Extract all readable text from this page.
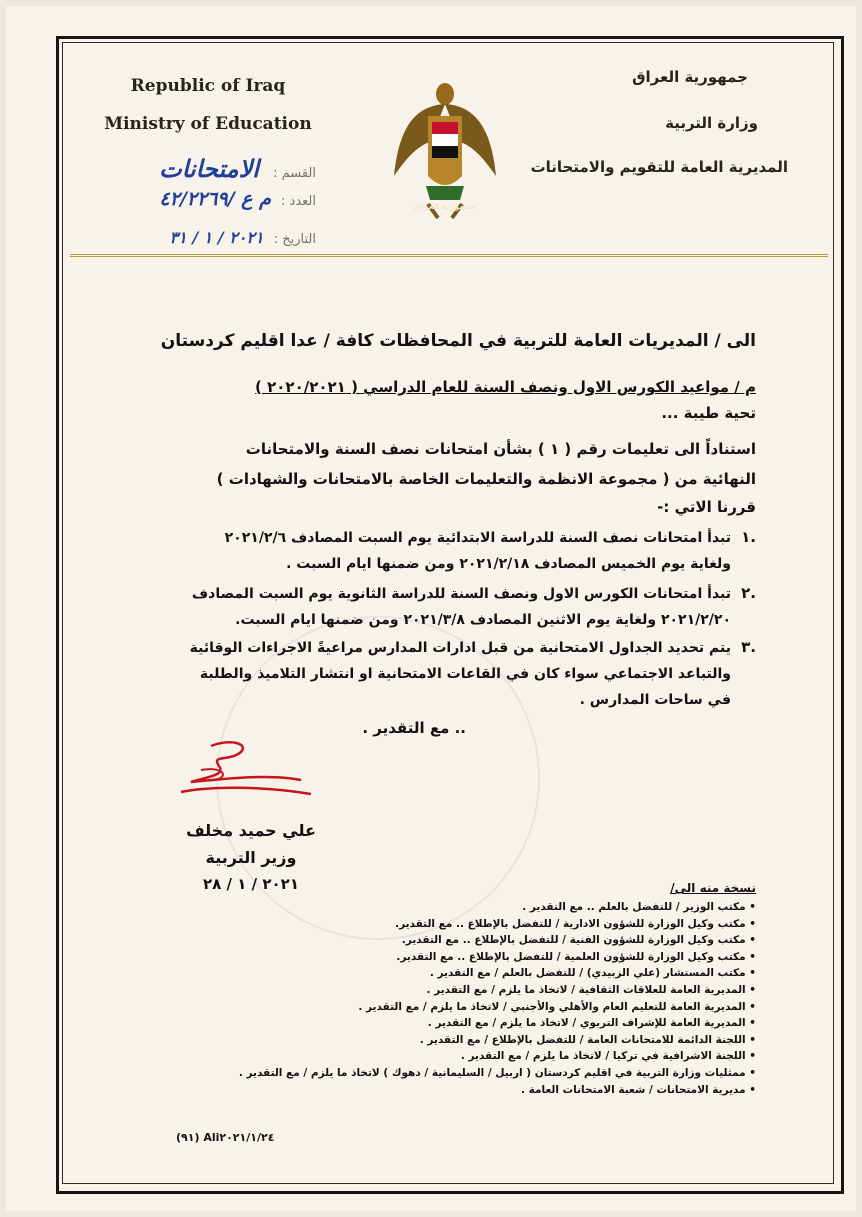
Republic of Iraq
Ministry of Education
جمهورية العراق
وزارة التربية
المديرية العامة للتقويم والامتحانات
جمهورية العراق
القسم : الامتحانات
العدد : م ع /٤٢/٢٢٦٩
التاريخ : ٢٠٢١ / ١ / ٣١
الى / المديريات العامة للتربية في المحافظات كافة / عدا اقليم كردستان
م / مواعيد الكورس الاول ونصف السنة للعام الدراسي ( ٢٠٢٠/٢٠٢١ )
تحية طيبة ...
استناداً الى تعليمات رقم ( ١ ) بشأن امتحانات نصف السنة والامتحانات
النهائية من ( مجموعة الانظمة والتعليمات الخاصة بالامتحانات والشهادات )
قررنا الاتي :-
١.
تبدأ امتحانات نصف السنة للدراسة الابتدائية يوم السبت المصادف ٢٠٢١/٢/٦
ولغاية يوم الخميس المصادف ٢٠٢١/٢/١٨ ومن ضمنها ايام السبت .
٢.
تبدأ امتحانات الكورس الاول ونصف السنة للدراسة الثانوية يوم السبت المصادف
٢٠٢١/٢/٢٠ ولغاية يوم الاثنين المصادف ٢٠٢١/٣/٨ ومن ضمنها ايام السبت.
٣.
يتم تحديد الجداول الامتحانية من قبل ادارات المدارس مراعيةً الاجراءات الوقائية
والتباعد الاجتماعي سواء كان في القاعات الامتحانية او انتشار التلاميذ والطلبة
في ساحات المدارس .
.. مع التقدير .
علي حميد مخلف
وزير التربية
٢٠٢١ / ١ / ٢٨	نسخة منه الى/
• مكتب الوزير / للتفضل بالعلم .. مع التقدير .
• مكتب وكيل الوزارة للشؤون الادارية / للتفضل بالإطلاع .. مع التقدير.
• مكتب وكيل الوزارة للشؤون الفنية / للتفضل بالإطلاع .. مع التقدير.
• مكتب وكيل الوزارة للشؤون العلمية / للتفضل بالإطلاع .. مع التقدير.
• مكتب المستشار (علي الزبيدي) / للتفضل بالعلم / مع التقدير .
• المديرية العامة للعلاقات الثقافية / لاتخاذ ما يلزم / مع التقدير .
• المديرية العامة للتعليم العام والأهلي والأجنبي / لاتخاذ ما يلزم / مع التقدير .
• المديرية العامة للإشراف التربوي / لاتخاذ ما يلزم / مع التقدير .
• اللجنة الدائمة للامتحانات العامة / للتفضل بالإطلاع / مع التقدير .
• اللجنة الاشرافية في تركيا / لاتخاذ ما يلزم / مع التقدير .
• ممثليات وزارة التربية في اقليم كردستان ( اربيل / السليمانية / دهوك ) لاتخاذ ما يلزم / مع التقدير .
• مديرية الامتحانات / شعبة الامتحانات العامة .
Ali٢٠٢١/١/٢٤ (٩١)
